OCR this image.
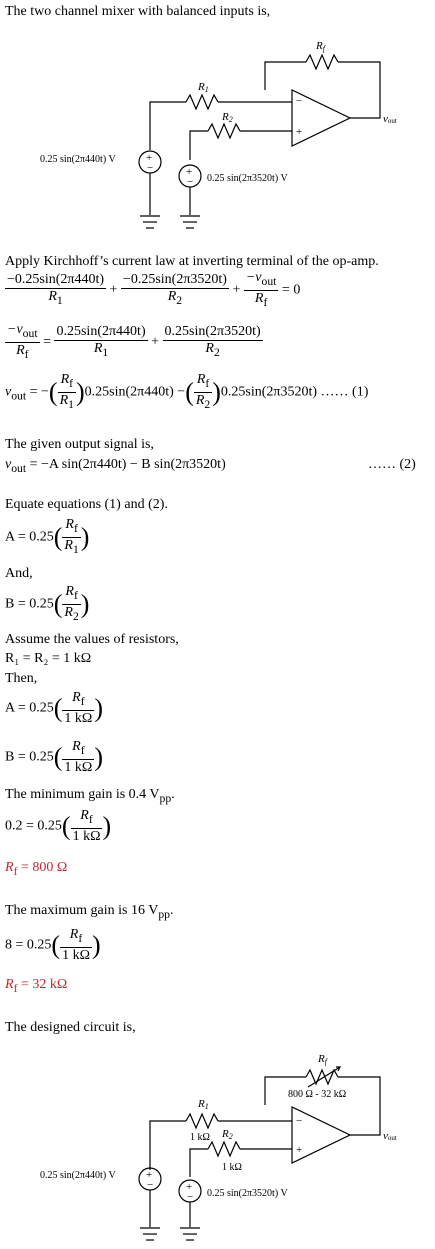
The two channel mixer with balanced inputs is,
+
−	+
−
−
+
Rf
R1
R2	vout
0.25 sin(2π440t) V
0.25 sin(2π3520t) V
Apply Kirchhoff’s current law at inverting terminal of the op-amp.
$\frac{-0.25\sin(2\pi 440t)}{R_1} + \frac{-0.25\sin(2\pi 3520t)}{R_2} + \frac{-v_{out}}{R_f} = 0$
$\frac{-v_{out}}{R_f} = \frac{0.25\sin(2\pi 440t)}{R_1} + \frac{0.25\sin(2\pi 3520t)}{R_2}$
$v_{out}$ = −( $\frac{R_f}{R_1} )0.25\sin(2\pi 440t)$ −( $\frac{R_f}{R_2} )0.25\sin(2\pi 3520t)$ …… (1)
The given output signal is,
$v_{out} = -A$ sin(2π440t) − B sin(2π3520t)	…… (2)
Equate equations (1) and (2).
$A = 0.25( \frac{R_f}{R_1}$ )
And,
$B = 0.25( \frac{R_f}{R_2}$ )
Assume the values of resistors,
R₁ = R₂ = 1 kΩ
Then,
$A = 0.25( \frac{R_f}{1 k\Omega}$ )
$B = 0.25( \frac{R_f}{1 k\Omega}$ )
The minimum gain is 0.4 $V_{pp}$.
$0.2 = 0.25( \frac{R_f}{1 k\Omega}$ )
$R_f = 800$ Ω
The maximum gain is 16 $V_{pp}$.
$8 = 0.25( \frac{R_f}{1 k\Omega}$ )
$R_f = 32$ kΩ
The designed circuit is,
+
−	+
−
−
+
Rf
R1
R2	vout
800 Ω - 32 kΩ
1 kΩ
1 kΩ
0.25 sin(2π440t) V
0.25 sin(2π3520t) V
